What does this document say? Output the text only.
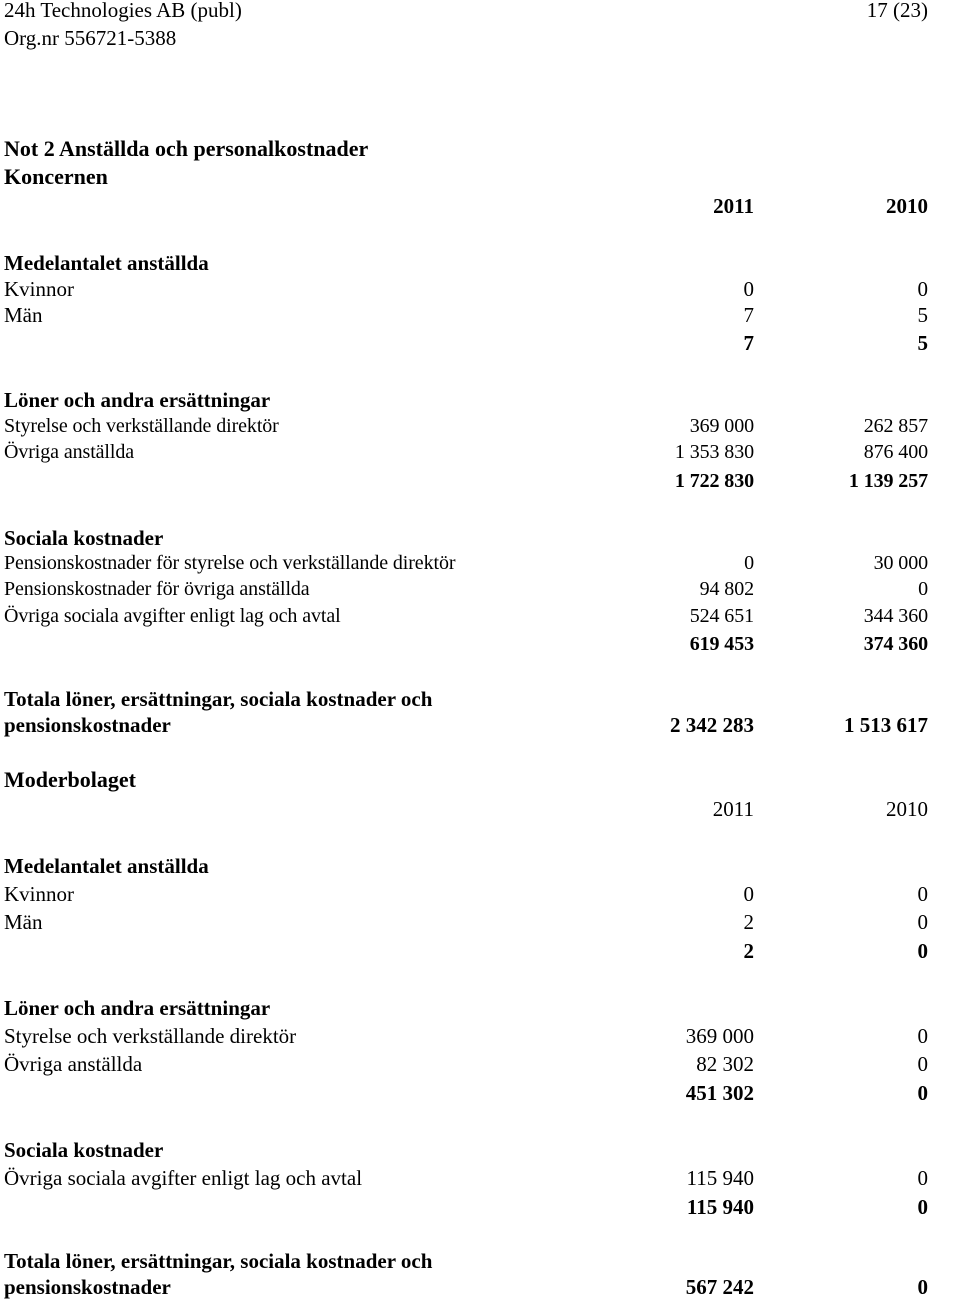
24h Technologies AB (publ)	17 (23)
Org.nr 556721-5388
Not 2 Anställda och personalkostnader
Koncernen
2011	2010
Medelantalet anställda
Kvinnor	0	0
Män	7	5
7	5
Löner och andra ersättningar
Styrelse och verkställande direktör	369 000	262 857
Övriga anställda	1 353 830	876 400
1 722 830	1 139 257
Sociala kostnader
Pensionskostnader för styrelse och verkställande direktör	0	30 000
Pensionskostnader för övriga anställda	94 802	0
Övriga sociala avgifter enligt lag och avtal	524 651	344 360
619 453	374 360
Totala löner, ersättningar, sociala kostnader och
pensionskostnader	2 342 283	1 513 617
Moderbolaget
2011	2010
Medelantalet anställda
Kvinnor	0	0
Män	2	0
2	0
Löner och andra ersättningar
Styrelse och verkställande direktör	369 000	0
Övriga anställda	82 302	0
451 302	0
Sociala kostnader
Övriga sociala avgifter enligt lag och avtal	115 940	0
115 940	0
Totala löner, ersättningar, sociala kostnader och
pensionskostnader	567 242	0
